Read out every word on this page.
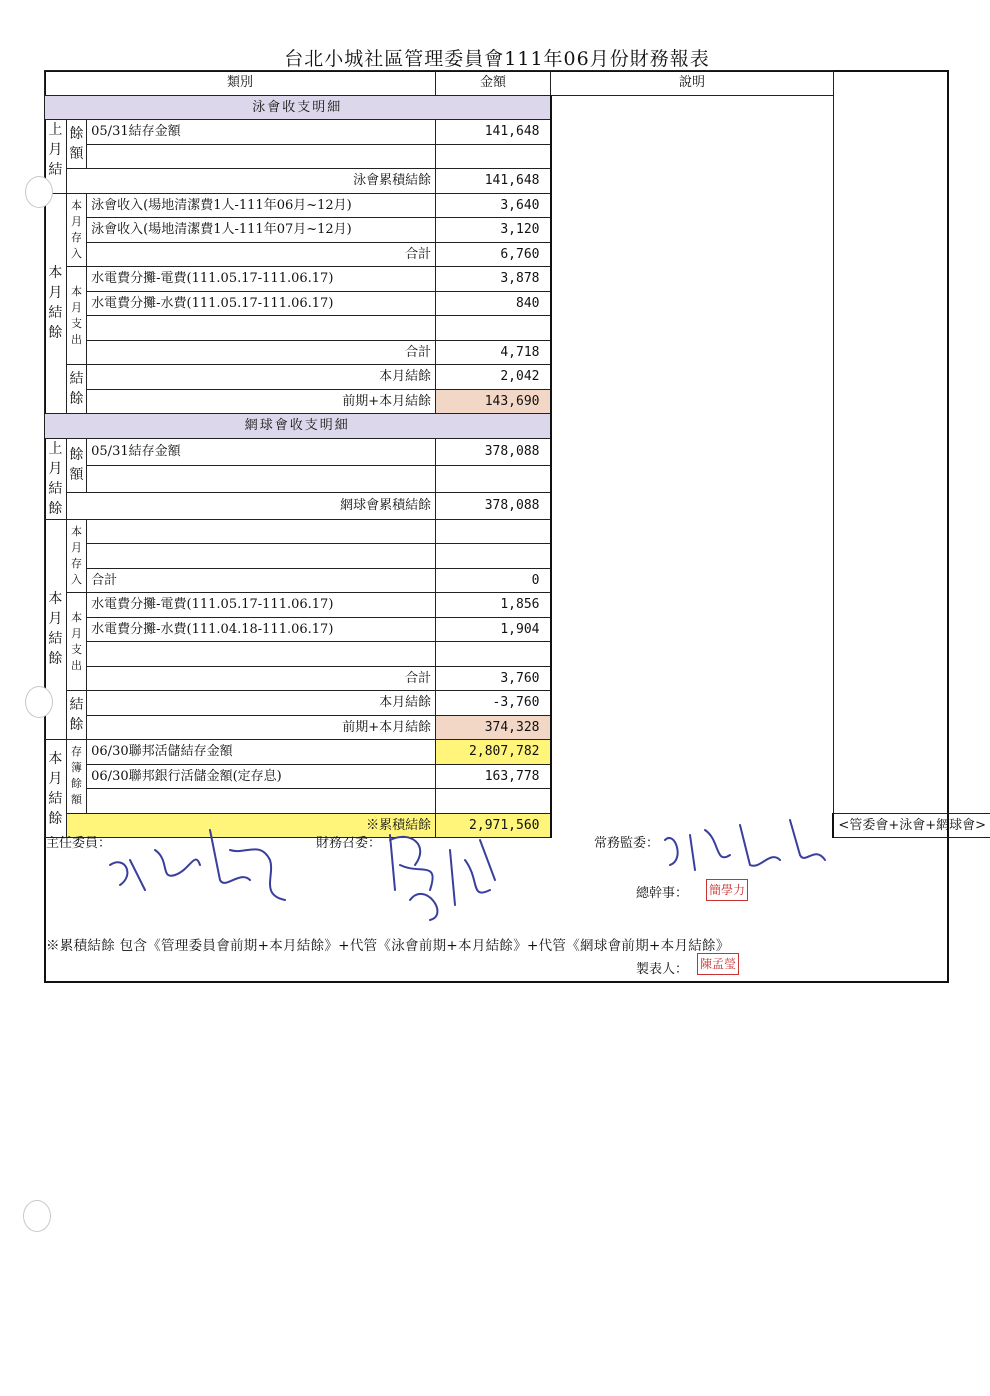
台北小城社區管理委員會111年06月份財務報表
類別			金額	說明	
泳會收支明細					
上月結	餘額	05/31結存金額	141,648		

	泳會累積結餘		141,648		
本月結餘	本月存入	泳會收入(場地清潔費1人-111年06月~12月)	3,640		
		泳會收入(場地清潔費1人-111年07月~12月)	3,120		
		合計	6,760		
	本月支出	水電費分攤-電費(111.05.17-111.06.17)	3,878		
		水電費分攤-水費(111.05.17-111.06.17)	840		

		合計	4,718		
	結餘	本月結餘	2,042		
		前期+本月結餘	143,690		
網球會收支明細					
上月結餘	餘額	05/31結存金額	378,088		

	網球會累積結餘		378,088		
本月結餘	本月存入				

		合計	0		
	本月支出	水電費分攤-電費(111.05.17-111.06.17)	1,856		
		水電費分攤-水費(111.04.18-111.06.17)	1,904		

		合計	3,760		
	結餘	本月結餘	-3,760		
		前期+本月結餘	374,328		
本月結餘	存簿餘額	06/30聯邦活儲結存金額	2,807,782		
		06/30聯邦銀行活儲金額(定存息)	163,778		

	※累積結餘		2,971,560		<管委會+泳會+網球會>
主任委員：	財務召委：	常務監委：
總幹事： 簡學力
※累積結餘 包含《管理委員會前期+本月結餘》+代管《泳會前期+本月結餘》+代管《網球會前期+本月結餘》
製表人： 陳孟瑩
